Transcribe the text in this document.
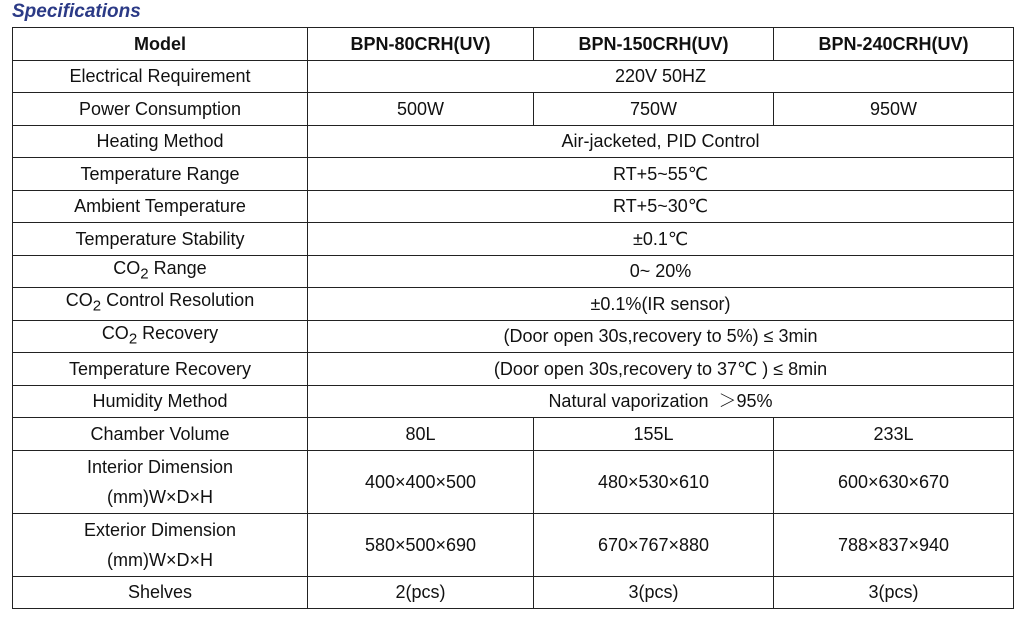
Specifications
Model	BPN-80CRH(UV)	BPN-150CRH(UV)	BPN-240CRH(UV)
Electrical Requirement	220V 50HZ		
Power Consumption	500W	750W	950W
Heating Method	Air-jacketed, PID Control		
Temperature Range	RT+5~55℃		
Ambient Temperature	RT+5~30℃		
Temperature Stability	±0.1℃		
$CO_2$ Range	0~ 20%		
$CO_2$ Control Resolution	±0.1%(IR sensor)		
$CO_2$ Recovery	(Door open 30s,recovery to 5%) ≤ 3min		
Temperature Recovery	(Door open 30s,recovery to 37℃ ) ≤ 8min		
Humidity Method	Natural vaporization  ＞95%		
Chamber Volume	80L	155L	233L
Interior Dimension
(mm)W×D×H	400×400×500	480×530×610	600×630×670
Exterior Dimension
(mm)W×D×H	580×500×690	670×767×880	788×837×940
Shelves	2(pcs)	3(pcs)	3(pcs)
